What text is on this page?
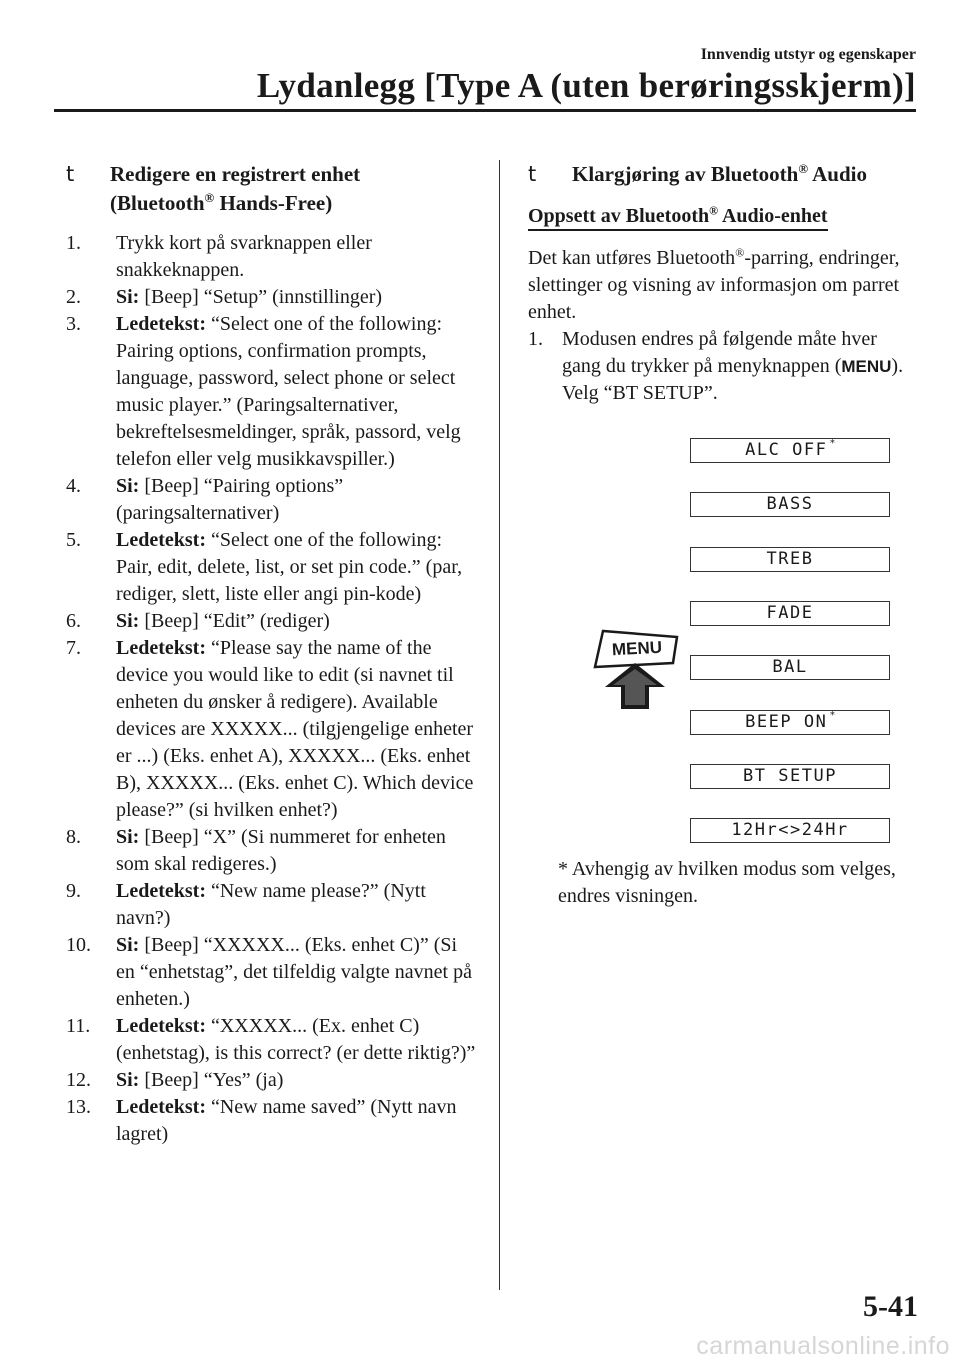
Innvendig utstyr og egenskaper
Lydanlegg [Type A (uten berøringsskjerm)]
t Redigere en registrert enhet
(Bluetooth® Hands-Free)
1. Trykk kort på svarknappen eller snakkeknappen.
2. Si: [Beep] “Setup” (innstillinger)
3. Ledetekst: “Select one of the following: Pairing options, confirmation prompts, language, password, select phone or select music player.” (Paringsalternativer, bekreftelsesmeldinger, språk, passord, velg telefon eller velg musikkavspiller.)
4. Si: [Beep] “Pairing options” (paringsalternativer)
5. Ledetekst: “Select one of the following: Pair, edit, delete, list, or set pin code.” (par, rediger, slett, liste eller angi pin-kode)
6. Si: [Beep] “Edit” (rediger)
7. Ledetekst: “Please say the name of the device you would like to edit (si navnet til enheten du ønsker å redigere). Available devices are XXXXX... (tilgjengelige enheter er ...) (Eks. enhet A), XXXXX... (Eks. enhet B), XXXXX... (Eks. enhet C). Which device please?” (si hvilken enhet?)
8. Si: [Beep] “X” (Si nummeret for enheten som skal redigeres.)
9. Ledetekst: “New name please?” (Nytt navn?)
10. Si: [Beep] “XXXXX... (Eks. enhet C)” (Si en “enhetstag”, det tilfeldig valgte navnet på enheten.)
11. Ledetekst: “XXXXX... (Ex. enhet C) (enhetstag), is this correct? (er dette riktig?)”
12. Si: [Beep] “Yes” (ja)
13. Ledetekst: “New name saved” (Nytt navn lagret)
t Klargjøring av Bluetooth® Audio
Oppsett av Bluetooth® Audio-enhet

Det kan utføres Bluetooth®-parring, endringer, slettinger og visning av informasjon om parret enhet.

1. Modusen endres på følgende måte hver gang du trykker på menyknappen (MENU). Velg “BT SETUP”.
ALC OFF *
BASS
TREB
FADE
BAL
BEEP ON *
BT SETUP
12Hr<>24Hr
MENU
* Avhengig av hvilken modus som velges, endres visningen.
5-41
carmanualsonline.info
